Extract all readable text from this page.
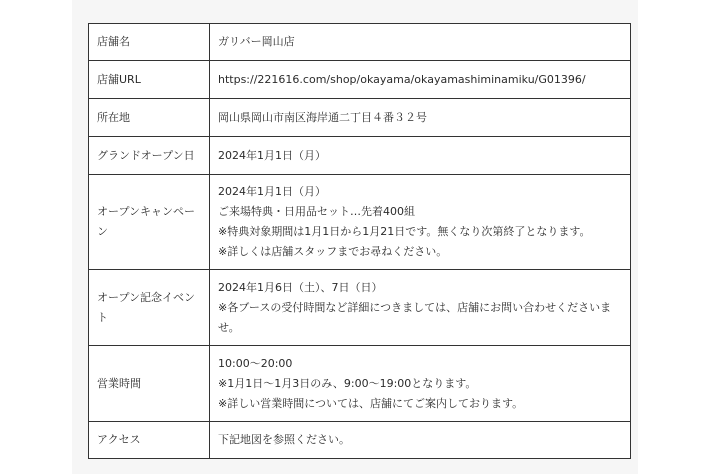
店舗名	ガリバー岡山店

店舗URL	https://221616.com/shop/okayama/okayamashiminamiku/G01396/

所在地	岡山県岡山市南区海岸通二丁目４番３２号

グランドオープン日	2024年1月1日（月）

オープンキャンペーン	2024年1月1日（月）
ご来場特典・日用品セット…先着400組
※特典対象期間は1月1日から1月21日です。無くなり次第終了となります。
※詳しくは店舗スタッフまでお尋ねください。

オープン記念イベント	2024年1月6日（土）、7日（日）
※各ブースの受付時間など詳細につきましては、店舗にお問い合わせくださいませ。

営業時間	10:00〜20:00
※1月1日〜1月3日のみ、9:00〜19:00となります。
※詳しい営業時間については、店舗にてご案内しております。

アクセス	下記地図を参照ください。
